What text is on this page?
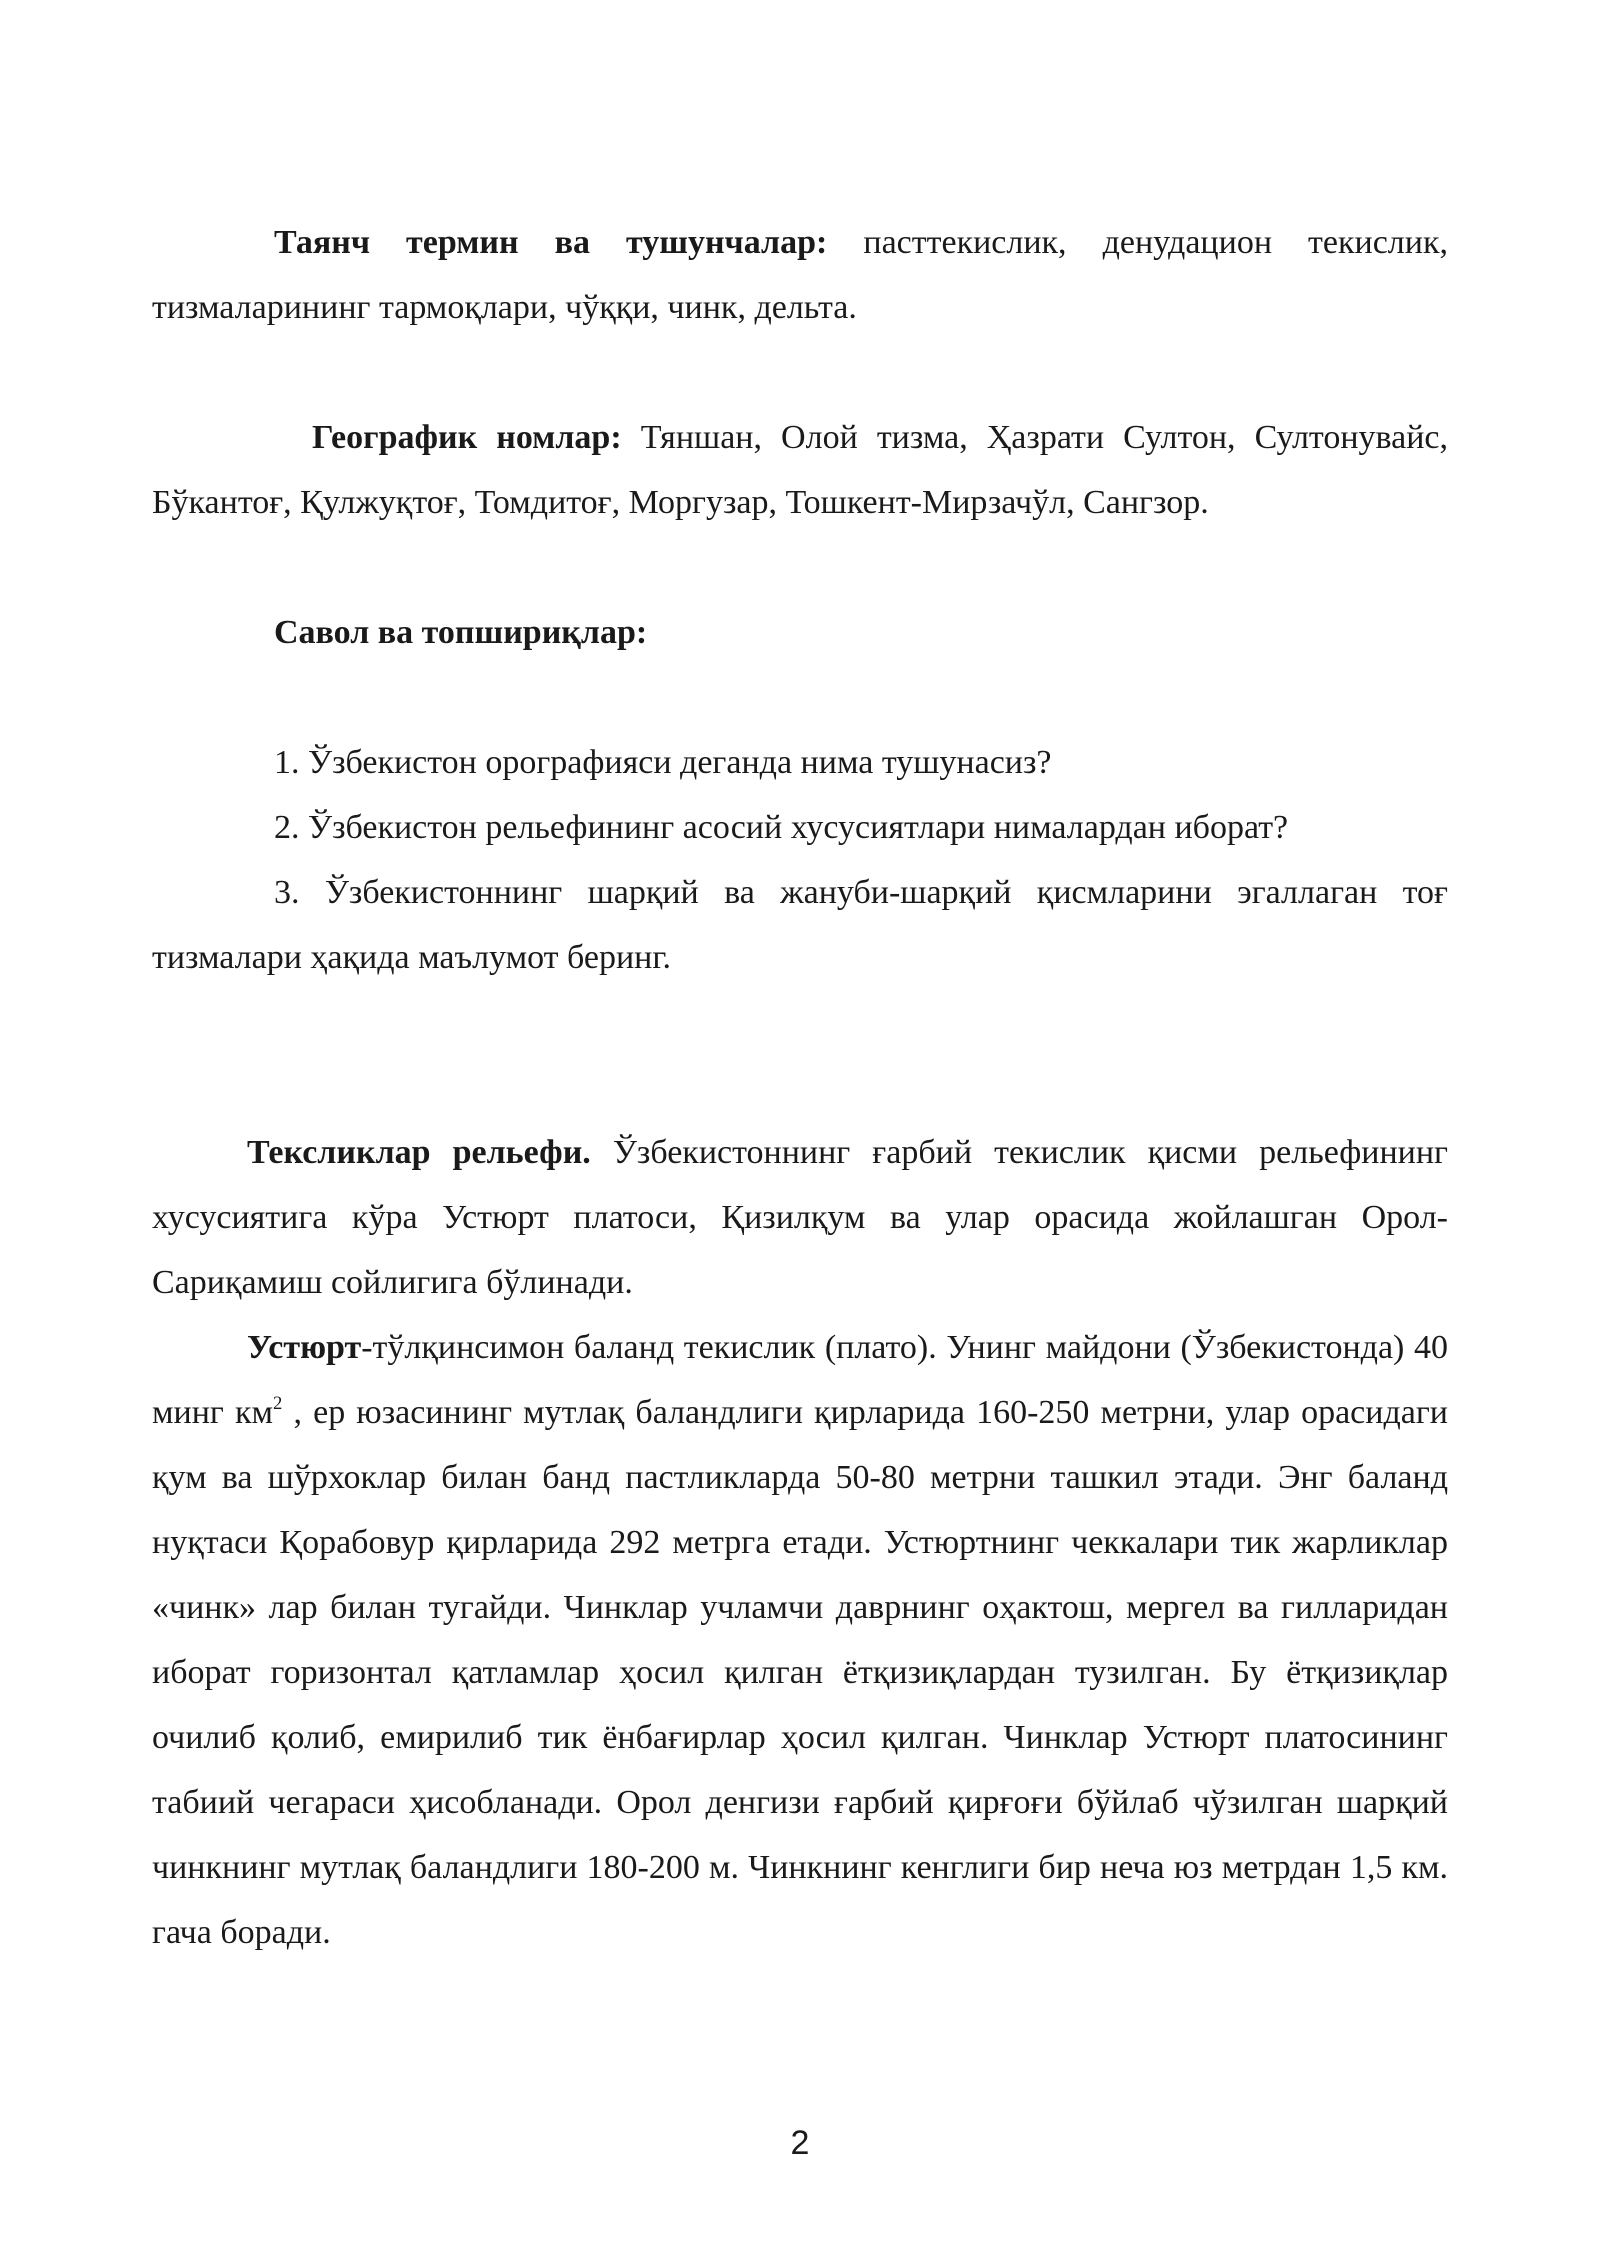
Таянч термин ва тушунчалар: пасттекислик, денудацион текислик, тизмаларининг тармоқлари, чўққи, чинк, дельта.

Географик номлар: Тяншан, Олой тизма, Ҳазрати Султон, Султонувайс, Бўкантоғ, Қулжуқтоғ, Томдитоғ, Моргузар, Тошкент-Мирзачўл, Сангзор.

Савол ва топшириқлар:

1. Ўзбекистон орографияси деганда нима тушунасиз?

2. Ўзбекистон рельефининг асосий хусусиятлари нималардан иборат?

3. Ўзбекистоннинг шарқий ва жануби-шарқий қисмларини эгаллаган тоғ тизмалари ҳақида маълумот беринг.

Тексликлар рельефи. Ўзбекистоннинг ғарбий текислик қисми рельефининг хусусиятига кўра Устюрт платоси, Қизилқум ва улар орасида жойлашган Орол-Сариқамиш сойлигига бўлинади.

Устюрт-тўлқинсимон баланд текислик (плато). Унинг майдони (Ўзбекистонда) 40 минг $км^2$ , ер юзасининг мутлақ баландлиги қирларида 160-250 метрни, улар орасидаги қум ва шўрхоклар билан банд пастликларда 50-80 метрни ташкил этади. Энг баланд нуқтаси Қорабовур қирларида 292 метрга етади. Устюртнинг чеккалари тик жарликлар «чинк» лар билан тугайди. Чинклар учламчи даврнинг оҳактош, мергел ва гилларидан иборат горизонтал қатламлар ҳосил қилган ётқизиқлардан тузилган. Бу ётқизиқлар очилиб қолиб, емирилиб тик ёнбағирлар ҳосил қилган. Чинклар Устюрт платосининг табиий чегараси ҳисобланади. Орол денгизи ғарбий қирғоғи бўйлаб чўзилган шарқий чинкнинг мутлақ баландлиги 180-200 м. Чинкнинг кенглиги бир неча юз метрдан 1,5 км. гача боради.

2
